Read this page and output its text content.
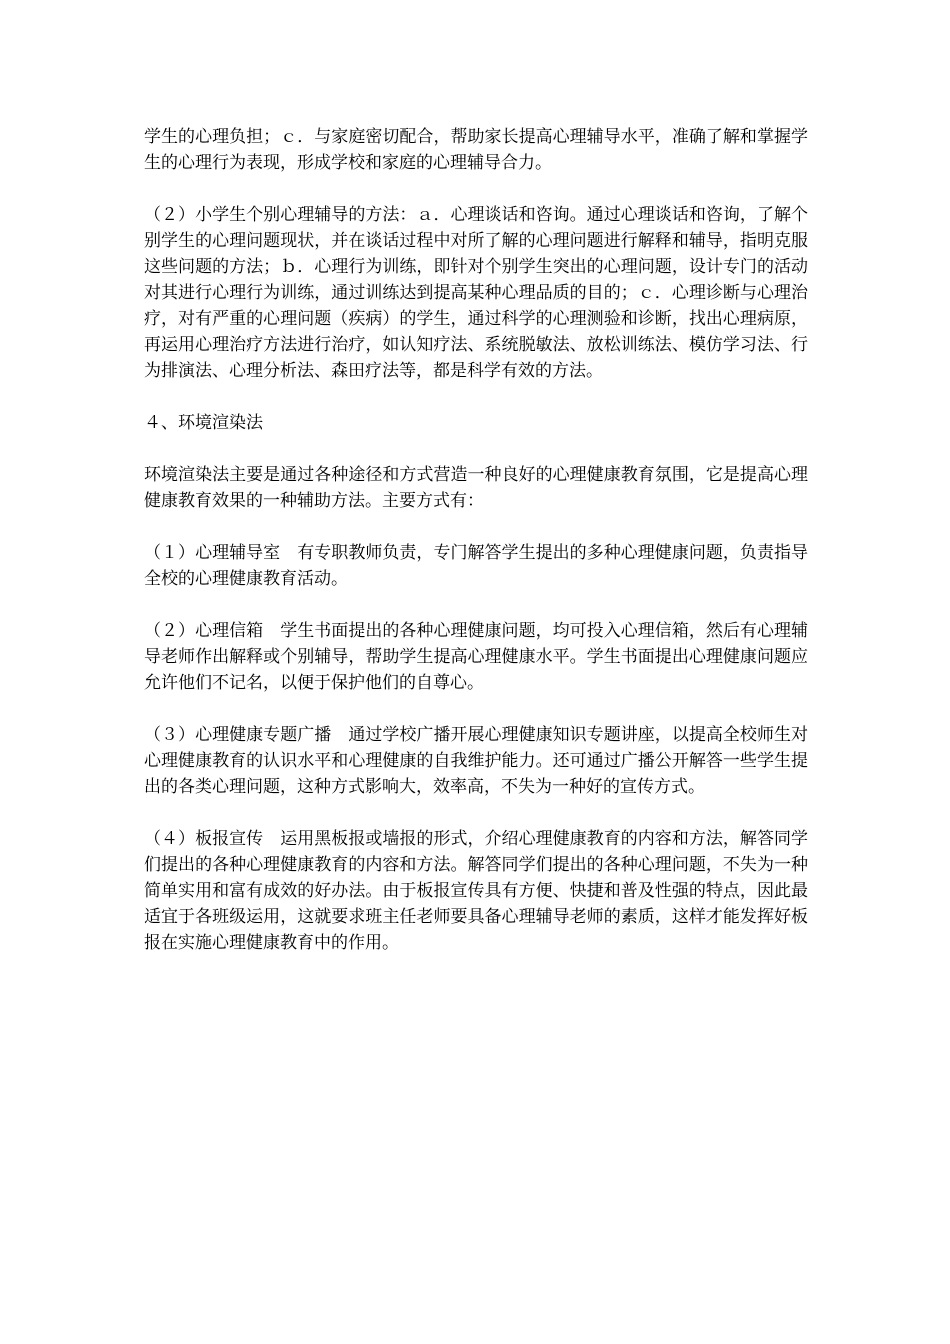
学生的心理负担；ｃ．与家庭密切配合，帮助家长提高心理辅导水平，准确了解和掌握学生的心理行为表现，形成学校和家庭的心理辅导合力。

（２）小学生个别心理辅导的方法：ａ．心理谈话和咨询。通过心理谈话和咨询，了解个别学生的心理问题现状，并在谈话过程中对所了解的心理问题进行解释和辅导，指明克服这些问题的方法；ｂ．心理行为训练，即针对个别学生突出的心理问题，设计专门的活动对其进行心理行为训练，通过训练达到提高某种心理品质的目的；ｃ．心理诊断与心理治疗，对有严重的心理问题（疾病）的学生，通过科学的心理测验和诊断，找出心理病原，再运用心理治疗方法进行治疗，如认知疗法、系统脱敏法、放松训练法、模仿学习法、行为排演法、心理分析法、森田疗法等，都是科学有效的方法。

４、环境渲染法

环境渲染法主要是通过各种途径和方式营造一种良好的心理健康教育氛围，它是提高心理健康教育效果的一种辅助方法。主要方式有：

（１）心理辅导室　有专职教师负责，专门解答学生提出的多种心理健康问题，负责指导全校的心理健康教育活动。

（２）心理信箱　学生书面提出的各种心理健康问题，均可投入心理信箱，然后有心理辅导老师作出解释或个别辅导，帮助学生提高心理健康水平。学生书面提出心理健康问题应允许他们不记名，以便于保护他们的自尊心。

（３）心理健康专题广播　通过学校广播开展心理健康知识专题讲座，以提高全校师生对心理健康教育的认识水平和心理健康的自我维护能力。还可通过广播公开解答一些学生提出的各类心理问题，这种方式影响大，效率高，不失为一种好的宣传方式。

（４）板报宣传　运用黑板报或墙报的形式，介绍心理健康教育的内容和方法，解答同学们提出的各种心理健康教育的内容和方法。解答同学们提出的各种心理问题，不失为一种简单实用和富有成效的好办法。由于板报宣传具有方便、快捷和普及性强的特点，因此最适宜于各班级运用，这就要求班主任老师要具备心理辅导老师的素质，这样才能发挥好板报在实施心理健康教育中的作用。
